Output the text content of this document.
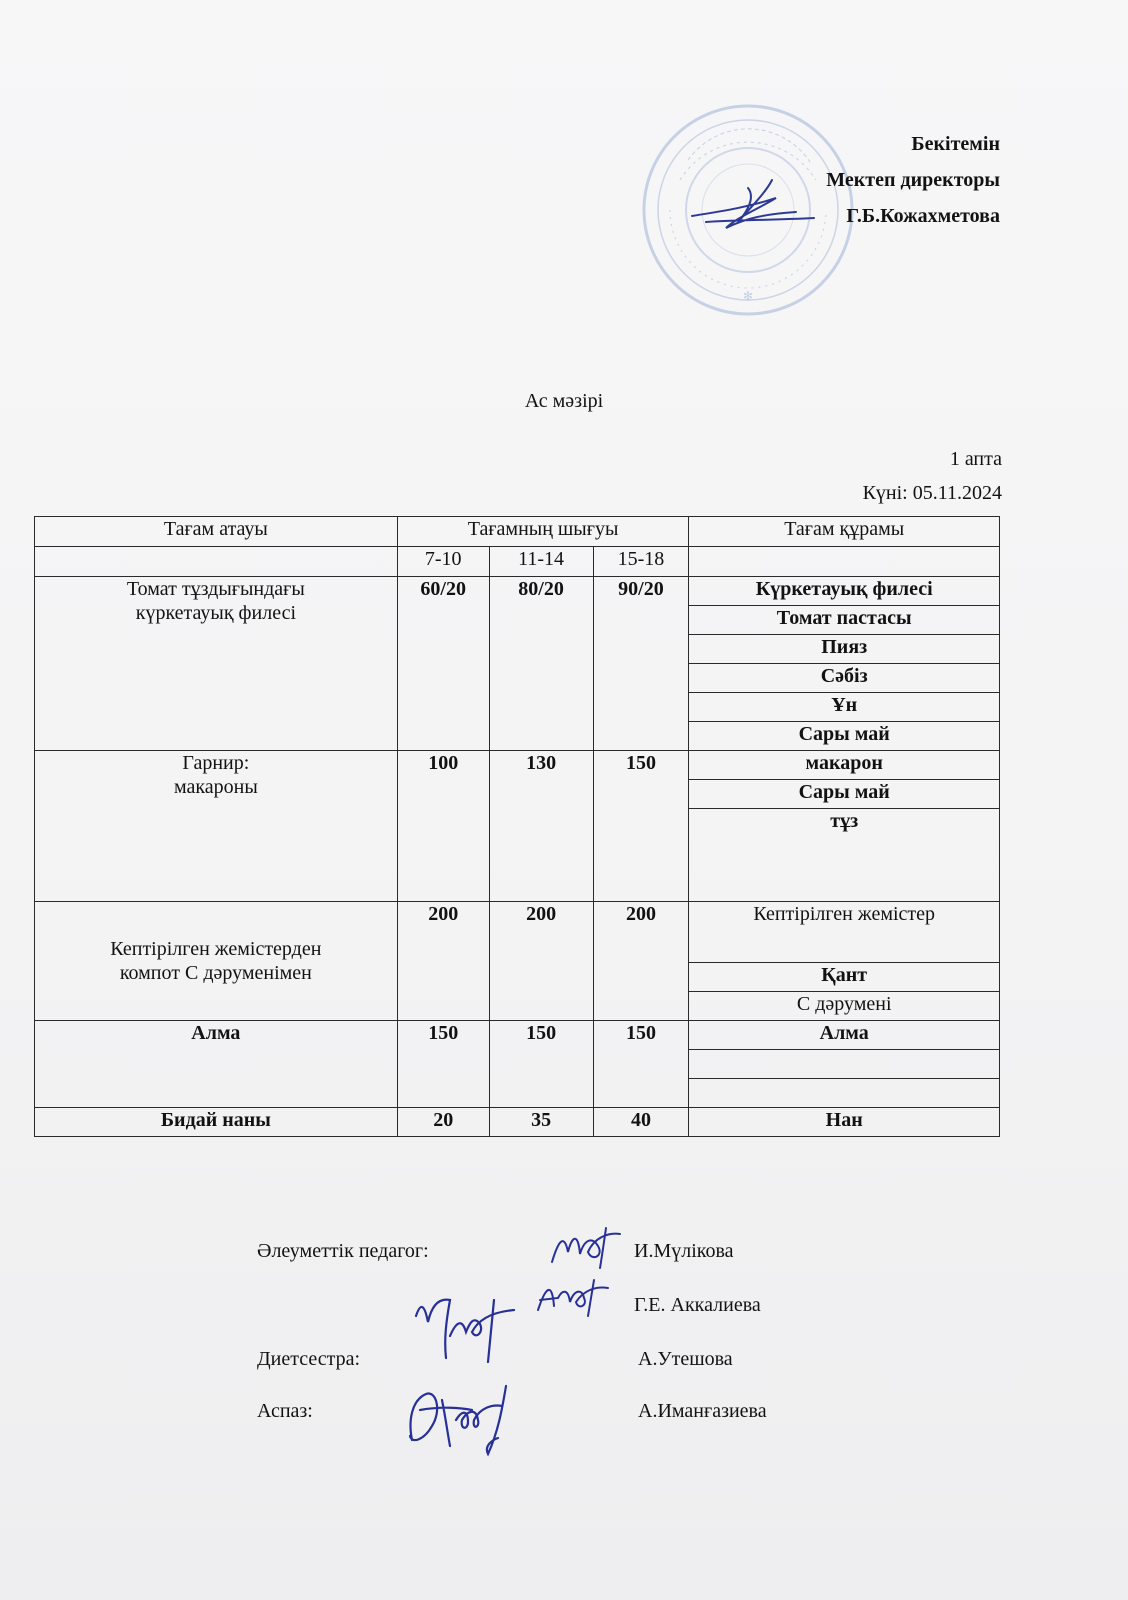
✻
Бекітемін
Мектеп директоры
Г.Б.Кожахметова
Ас мәзірі
1 апта
Күні: 05.11.2024
Тағам атауы	Тағамның шығуы			Тағам құрамы
	7-10	11-14	15-18	
Томат тұздығындағы күркетауық филесі	60/20	80/20	90/20	Күркетауық филесі
				Томат пастасы
				Пияз
				Сәбіз
				Ұн
				Сары май

Гарнир:
макароны	100	130	150	макарон
				Сары май
				тұз
Кептірілген жемістерден компот С дәруменімен	200	200	200	Кептірілген жемістер
				Қант
				С дәрумені
Алма	150	150	150	Алма

Бидай наны	20	35	40	Нан
Әлеуметтік педагог:	И.Мүлікова
Г.Е. Аккалиева
Диетсестра:	А.Утешова
Аспаз:	А.Иманғазиева
